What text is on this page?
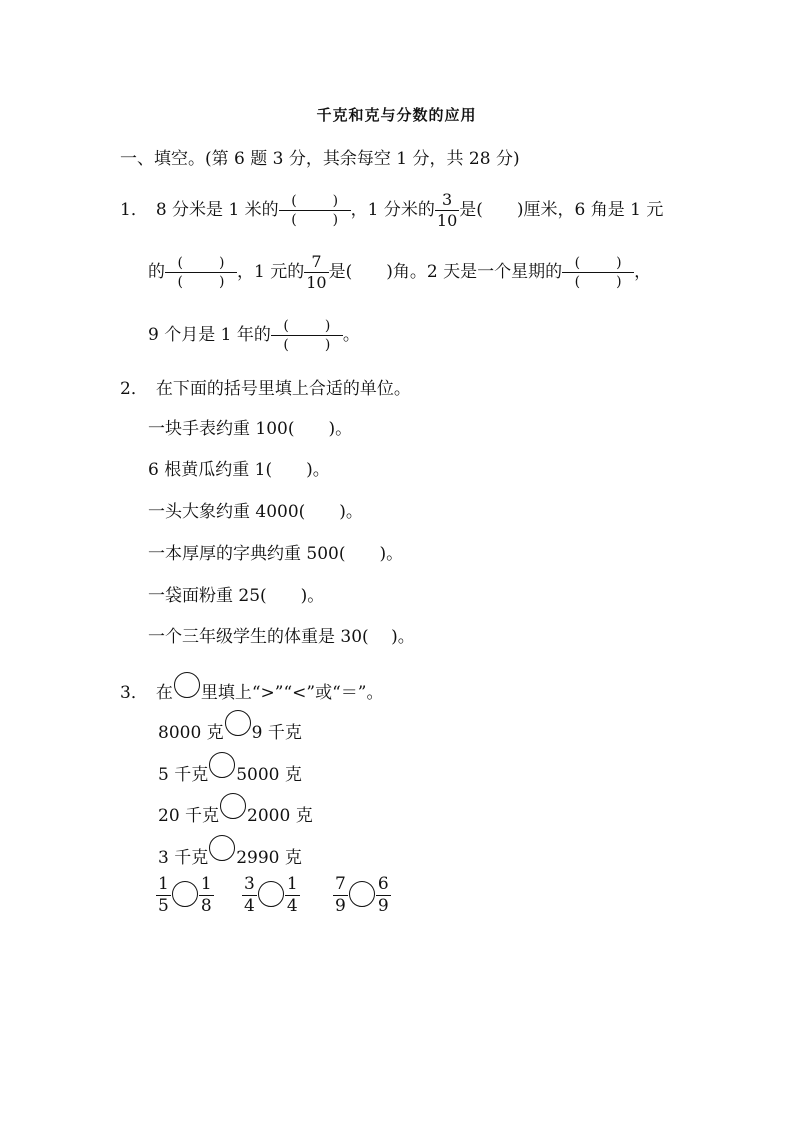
千克和克与分数的应用
一、填空。(第 6 题 3 分，其余每空 1 分，共 28 分)
1． 8 分米是 1 米的 (	)
(	) ，1 分米的 $\frac{3}{10}$ 是(　　)厘米，6 角是 1 元
的 (	)
(	) ，1 元的 $\frac{7}{10}$ 是(　　)角。2 天是一个星期的 (	)
(	) ，
9 个月是 1 年的 (	)
(	) 。
2． 在下面的括号里填上合适的单位。
一块手表约重 100(　　)。
6 根黄瓜约重 1(　　)。
一头大象约重 4000(　　)。
一本厚厚的字典约重 500(　　)。
一袋面粉重 25(　　)。
一个三年级学生的体重是 30(　 )。
3． 在 里填上“>”“<”或“＝”。
8000 克 9 千克
5 千克 5000 克
20 千克 2000 克
3 千克 2990 克
$\frac{1}{5} \frac{1}{8} \frac{3}{4} \frac{1}{4} \frac{7}{9} \frac{6}{9}$
